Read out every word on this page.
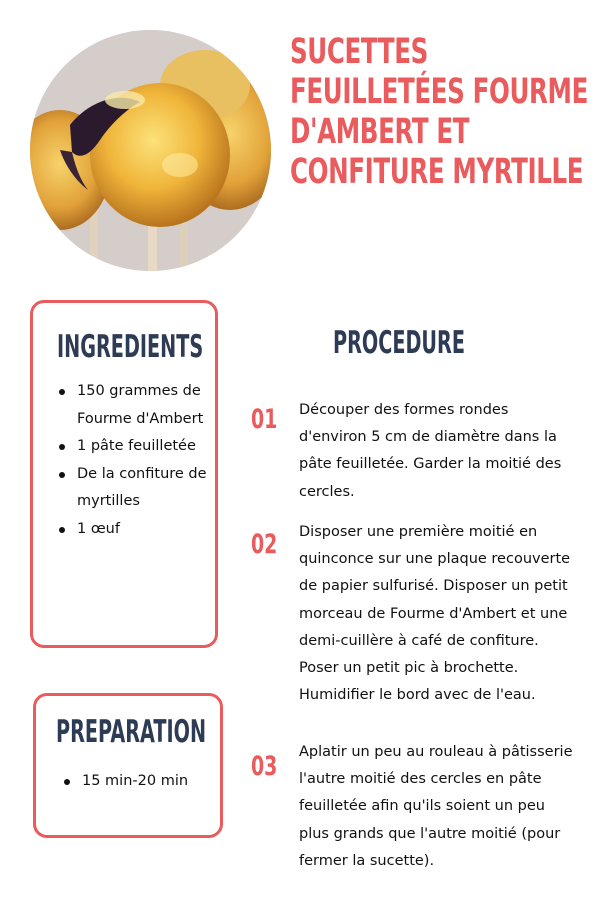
SUCETTES FEUILLETÉES FOURME D'AMBERT ET CONFITURE MYRTILLE
INGREDIENTS
150 grammes de Fourme d'Ambert
1 pâte feuilletée
De la confiture de myrtilles
1 œuf
PREPARATION
15 min-20 min
PROCEDURE
01 Découper des formes rondes d'environ 5 cm de diamètre dans la pâte feuilletée. Garder la moitié des cercles.

02 Disposer une première moitié en quinconce sur une plaque recouverte de papier sulfurisé. Disposer un petit morceau de Fourme d'Ambert et une demi-cuillère à café de confiture. Poser un petit pic à brochette. Humidifier le bord avec de l'eau.

03 Aplatir un peu au rouleau à pâtisserie l'autre moitié des cercles en pâte feuilletée afin qu'ils soient un peu plus grands que l'autre moitié (pour fermer la sucette).
